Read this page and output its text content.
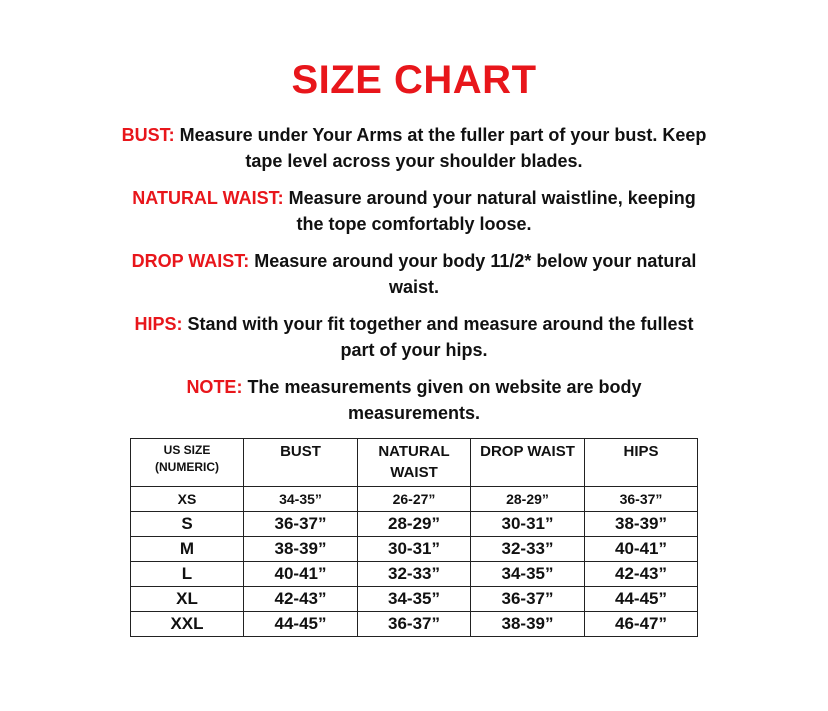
SIZE CHART
BUST: Measure under Your Arms at the fuller part of your bust. Keep tape level across your shoulder blades.
NATURAL WAIST: Measure around your natural waistline, keeping the tope comfortably loose.
DROP WAIST: Measure around your body 11/2* below your natural waist.
HIPS: Stand with your fit together and measure around the fullest part of your hips.
NOTE: The measurements given on website are body measurements.
US SIZE (NUMERIC)	BUST	NATURAL WAIST	DROP WAIST	HIPS
XS	34-35”	26-27”	28-29”	36-37”
S	36-37”	28-29”	30-31”	38-39”
M	38-39”	30-31”	32-33”	40-41”
L	40-41”	32-33”	34-35”	42-43”
XL	42-43”	34-35”	36-37”	44-45”
XXL	44-45”	36-37”	38-39”	46-47”
